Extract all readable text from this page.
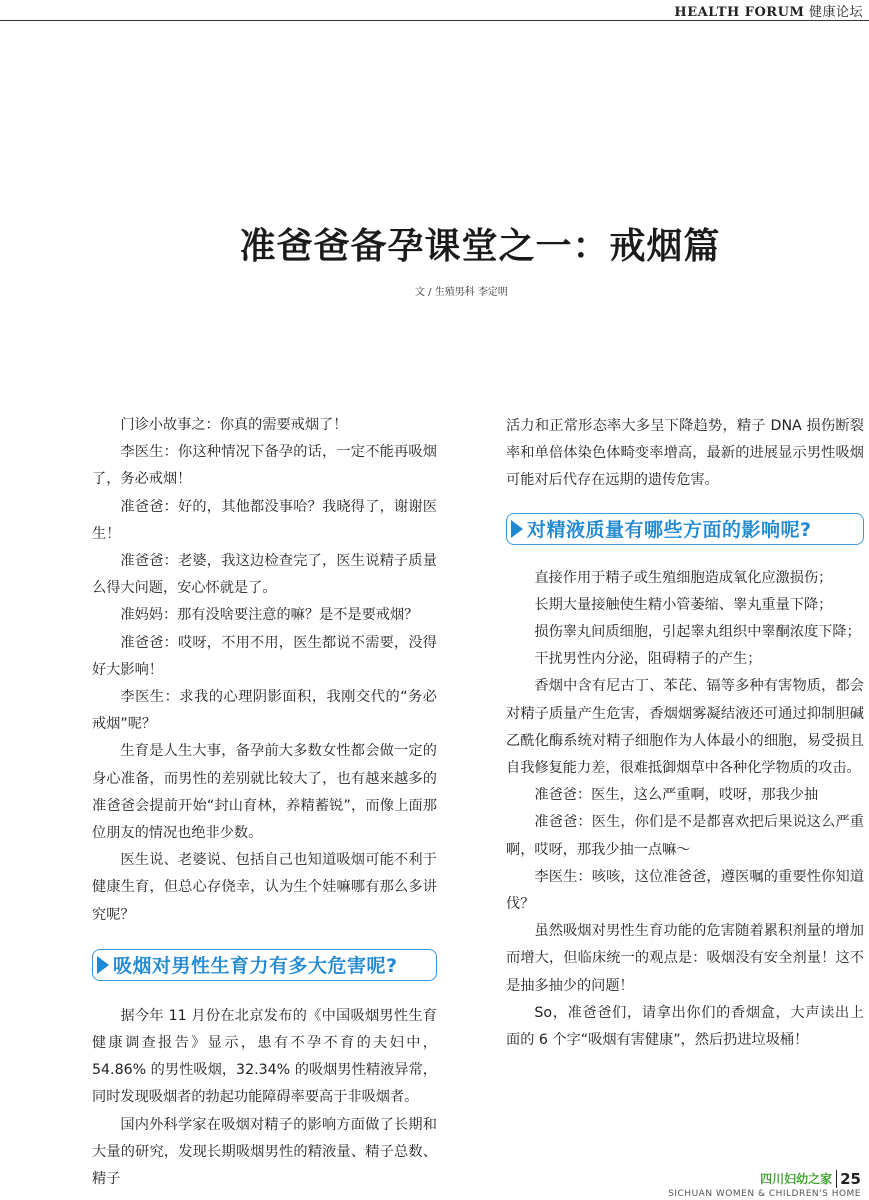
HEALTH FORUM 健康论坛
准爸爸备孕课堂之一：戒烟篇
文 / 生殖男科 李定明

门诊小故事之：你真的需要戒烟了！

李医生：你这种情况下备孕的话，一定不能再吸烟了，务必戒烟！

准爸爸：好的，其他都没事哈？我晓得了，谢谢医生！

准爸爸：老婆，我这边检查完了，医生说精子质量么得大问题，安心怀就是了。

准妈妈：那有没啥要注意的嘛？是不是要戒烟？

准爸爸：哎呀，不用不用，医生都说不需要，没得好大影响！

李医生：求我的心理阴影面积，我刚交代的“务必戒烟”呢？

生育是人生大事，备孕前大多数女性都会做一定的身心准备，而男性的差别就比较大了，也有越来越多的准爸爸会提前开始“封山育林，养精蓄锐”，而像上面那位朋友的情况也绝非少数。

医生说、老婆说、包括自己也知道吸烟可能不利于健康生育，但总心存侥幸，认为生个娃嘛哪有那么多讲究呢？

吸烟对男性生育力有多大危害呢?

据今年 11 月份在北京发布的《中国吸烟男性生育健康调查报告》显示，患有不孕不育的夫妇中，54.86% 的男性吸烟，32.34% 的吸烟男性精液异常，同时发现吸烟者的勃起功能障碍率要高于非吸烟者。

国内外科学家在吸烟对精子的影响方面做了长期和大量的研究，发现长期吸烟男性的精液量、精子总数、精子

活力和正常形态率大多呈下降趋势，精子 DNA 损伤断裂率和单倍体染色体畸变率增高，最新的进展显示男性吸烟可能对后代存在远期的遗传危害。

对精液质量有哪些方面的影响呢?

直接作用于精子或生殖细胞造成氧化应激损伤；

长期大量接触使生精小管萎缩、睾丸重量下降；

损伤睾丸间质细胞，引起睾丸组织中睾酮浓度下降；

干扰男性内分泌，阻碍精子的产生；

香烟中含有尼古丁、苯芘、镉等多种有害物质，都会对精子质量产生危害，香烟烟雾凝结液还可通过抑制胆碱乙酰化酶系统对精子细胞作为人体最小的细胞，易受损且自我修复能力差，很难抵御烟草中各种化学物质的攻击。

准爸爸：医生，这么严重啊，哎呀，那我少抽

准爸爸：医生，你们是不是都喜欢把后果说这么严重啊，哎呀，那我少抽一点嘛～

李医生：咳咳，这位准爸爸，遵医嘱的重要性你知道伐？

虽然吸烟对男性生育功能的危害随着累积剂量的增加而增大，但临床统一的观点是：吸烟没有安全剂量！这不是抽多抽少的问题！

So，准爸爸们，请拿出你们的香烟盒，大声读出上面的 6 个字“吸烟有害健康”，然后扔进垃圾桶！

四川妇幼之家 25
SICHUAN WOMEN & CHILDREN'S HOME
